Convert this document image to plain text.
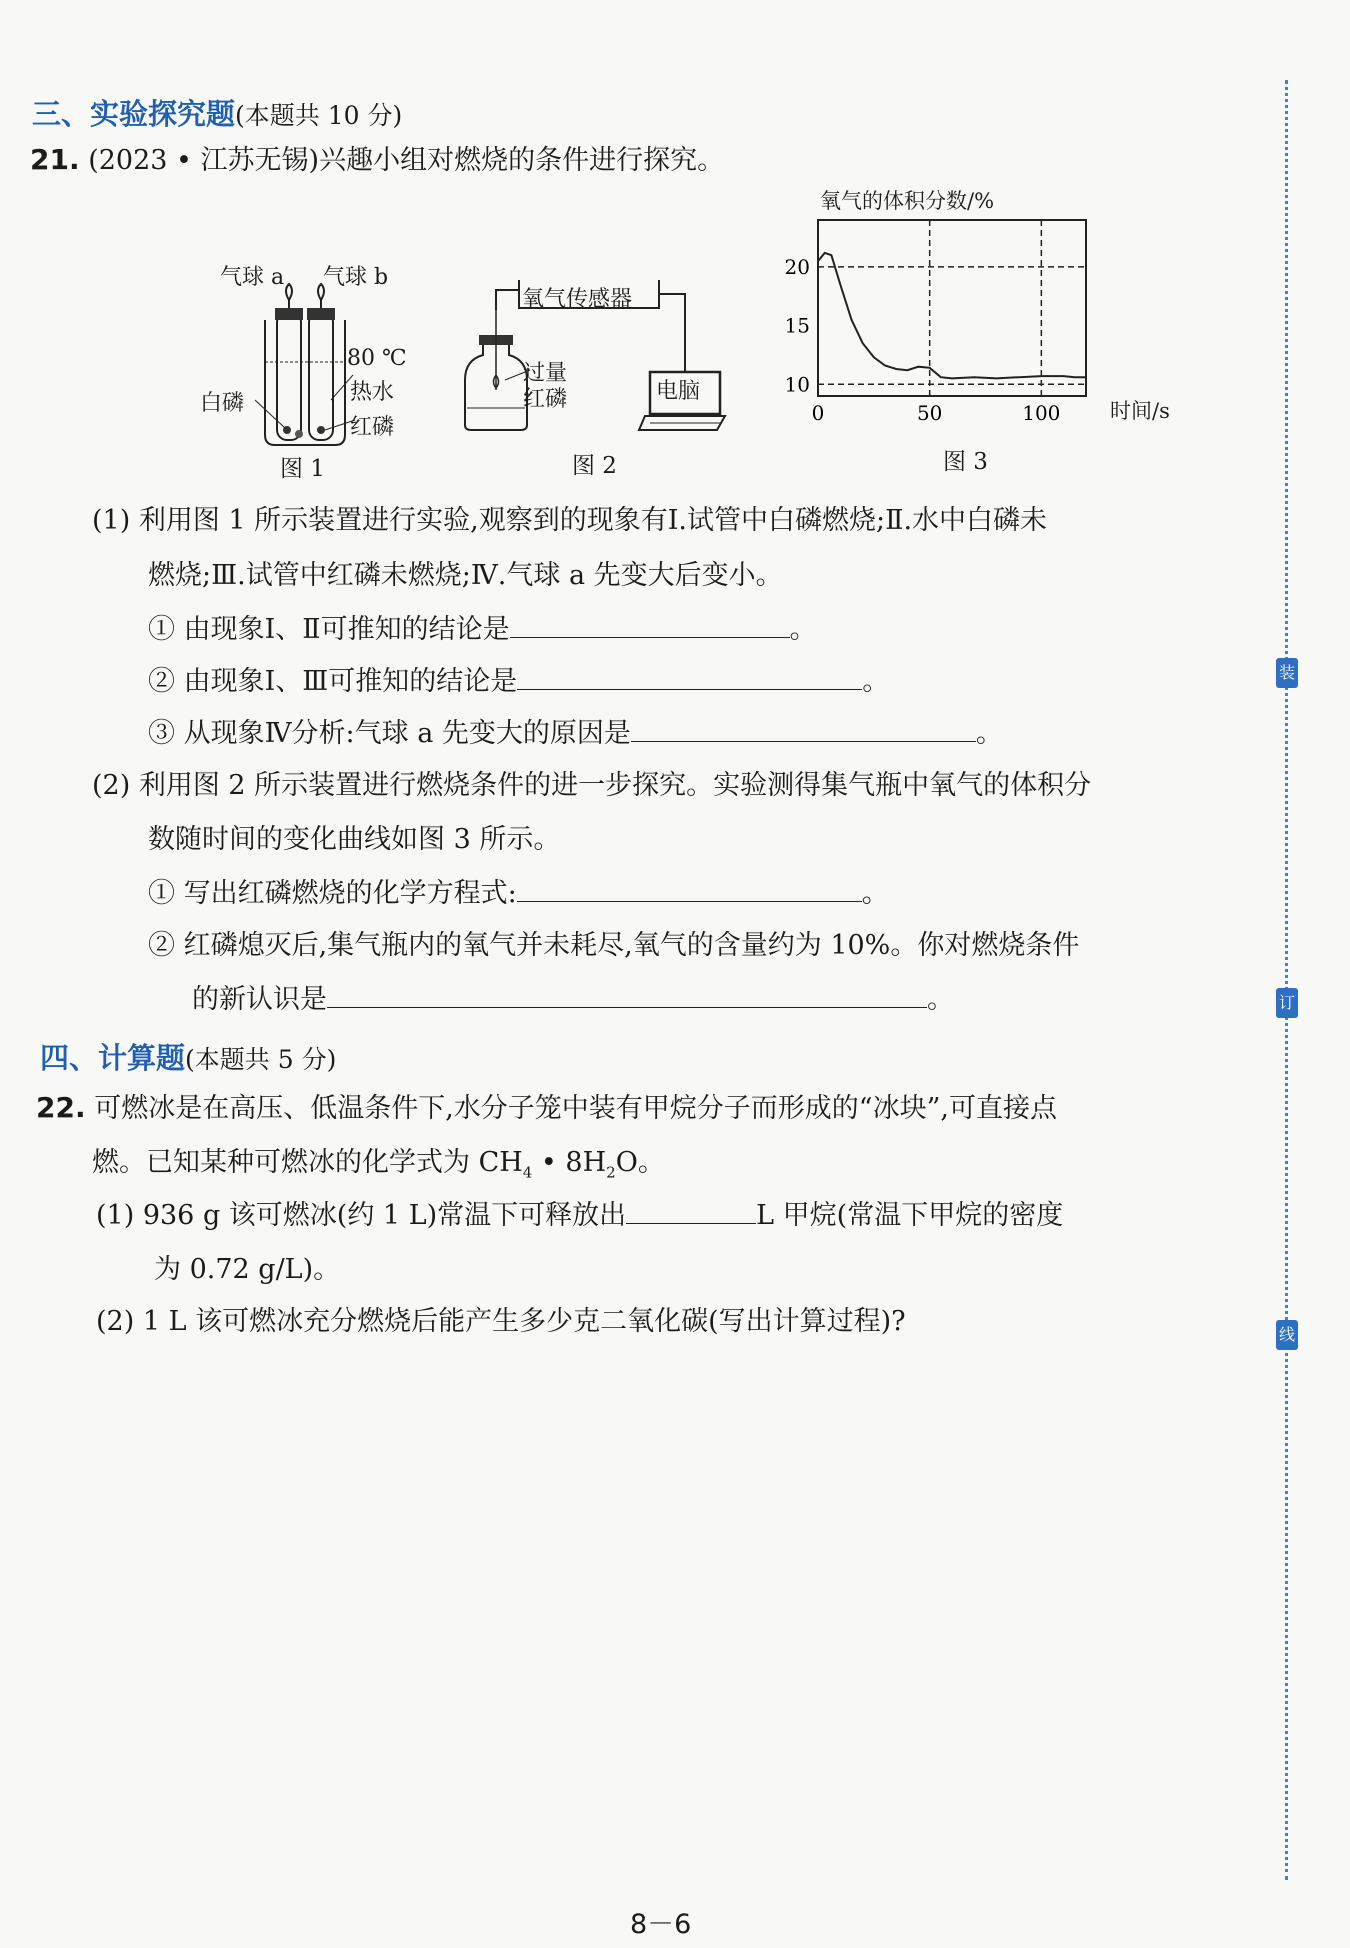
装
订
线
三、实验探究题(本题共 10 分)
21. (2023 • 江苏无锡)兴趣小组对燃烧的条件进行探究。
气球 a 气球 b
80 ℃
热水
白磷
红磷
图 1
氧气传感器
电脑
过量
红磷
图 2
氧气的体积分数/%
时间/s
0	50	100
10
15
20
图 3
(1) 利用图 1 所示装置进行实验,观察到的现象有Ⅰ.试管中白磷燃烧;Ⅱ.水中白磷未
燃烧;Ⅲ.试管中红磷未燃烧;Ⅳ.气球 a 先变大后变小。
① 由现象Ⅰ、Ⅱ可推知的结论是	。
② 由现象Ⅰ、Ⅲ可推知的结论是	。
③ 从现象Ⅳ分析:气球 a 先变大的原因是	。
(2) 利用图 2 所示装置进行燃烧条件的进一步探究。实验测得集气瓶中氧气的体积分
数随时间的变化曲线如图 3 所示。
① 写出红磷燃烧的化学方程式:	。
② 红磷熄灭后,集气瓶内的氧气并未耗尽,氧气的含量约为 10%。你对燃烧条件
的新认识是	。
四、计算题(本题共 5 分)
22. 可燃冰是在高压、低温条件下,水分子笼中装有甲烷分子而形成的“冰块”,可直接点
燃。已知某种可燃冰的化学式为 $CH_4$ • $8H_2O$。
(1) 936 g 该可燃冰(约 1 L)常温下可释放出	L 甲烷(常温下甲烷的密度
为 0.72 g/L)。
(2) 1 L 该可燃冰充分燃烧后能产生多少克二氧化碳(写出计算过程)?
8－6
